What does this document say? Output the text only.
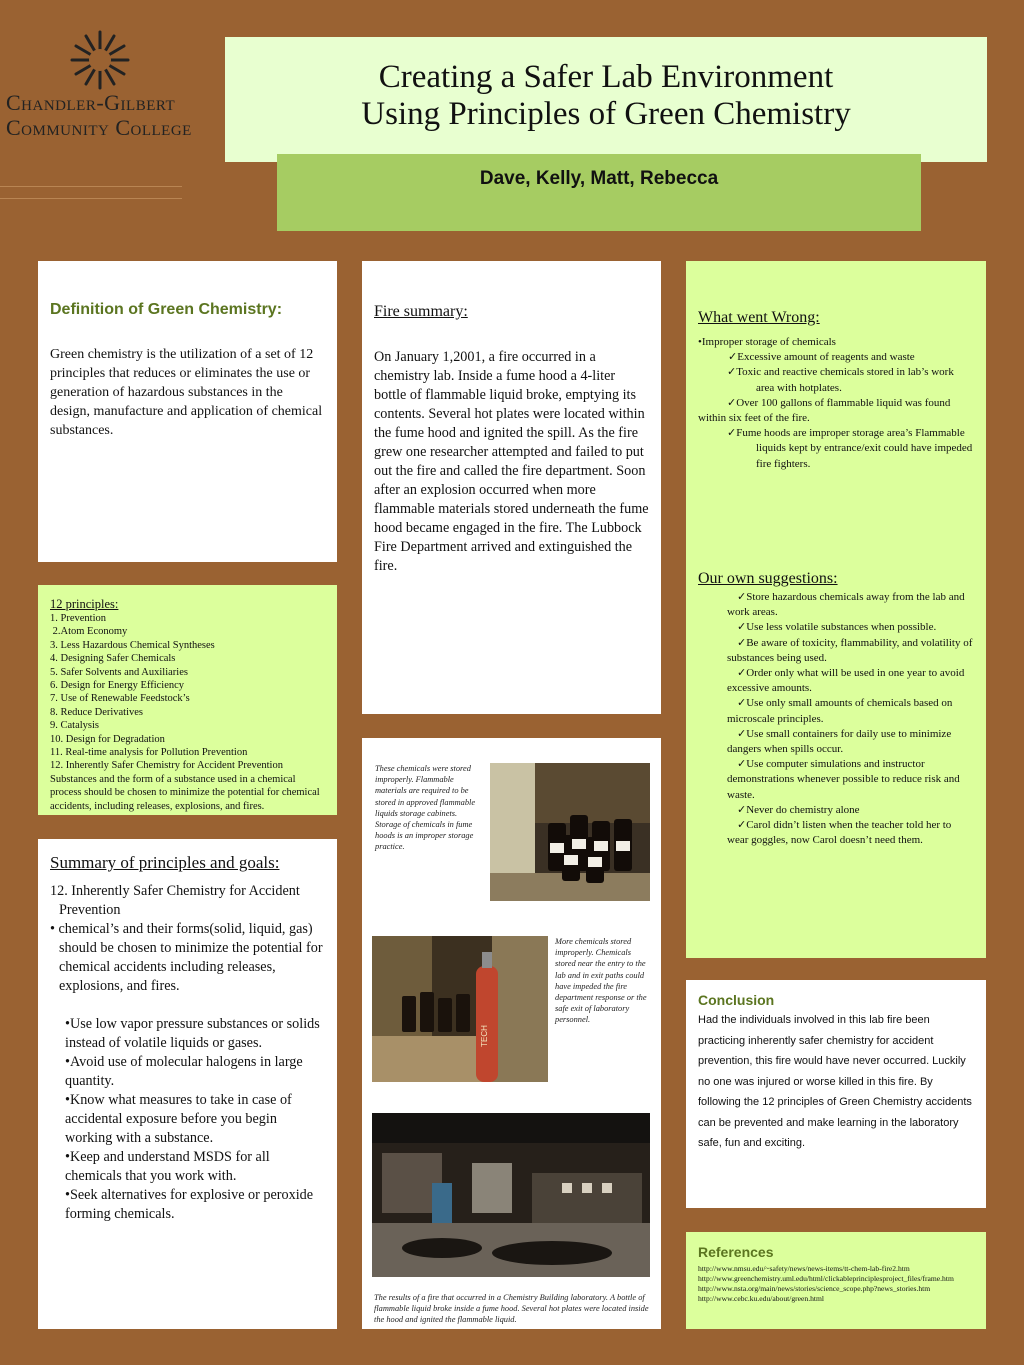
Chandler-Gilbert
Community College
Creating a Safer Lab Environment
Using Principles of Green Chemistry
Dave, Kelly, Matt, Rebecca
Definition of Green Chemistry:
Green chemistry is the utilization of a set of 12 principles that reduces or eliminates the use or generation of hazardous substances in the design, manufacture and application of chemical substances.
12 principles:
1. Prevention
2.Atom Economy
3. Less Hazardous Chemical Syntheses
4. Designing Safer Chemicals
5. Safer Solvents and Auxiliaries
6. Design for Energy Efficiency
7. Use of Renewable Feedstock’s
8. Reduce Derivatives
9. Catalysis
10. Design for Degradation
11. Real-time analysis for Pollution Prevention
12. Inherently Safer Chemistry for Accident Prevention Substances and the form of a substance used in a chemical process should be chosen to minimize the potential for chemical accidents, including releases, explosions, and fires.
Summary of principles and goals:
12. Inherently Safer Chemistry for Accident Prevention
• chemical’s and their forms(solid, liquid, gas) should be chosen to minimize the potential for chemical accidents including releases, explosions, and fires.
•Use low vapor pressure substances or solids instead of volatile liquids or gases.
•Avoid use of molecular halogens in large quantity.
•Know what measures to take in case of accidental exposure before you begin working with a substance.
•Keep and understand MSDS for all chemicals that you work with.
•Seek alternatives for explosive or peroxide forming chemicals.
Fire summary:
On January 1,2001, a fire occurred in a chemistry lab. Inside a fume hood a 4-liter bottle of flammable liquid broke, emptying its contents. Several hot plates were located within the fume hood and ignited the spill. As the fire grew one researcher attempted and failed to put out the fire and called the fire department. Soon after an explosion occurred when more flammable materials stored underneath the fume hood became engaged in the fire. The Lubbock Fire Department arrived and extinguished the fire.
These chemicals were stored improperly. Flammable materials are required to be stored in approved flammable liquids storage cabinets. Storage of chemicals in fume hoods is an improper storage practice.
TECH
More chemicals stored improperly. Chemicals stored near the entry to the lab and in exit paths could have impeded the fire department response or the safe exit of laboratory personnel.
The results of a fire that occurred in a Chemistry Building laboratory. A bottle of flammable liquid broke inside a fume hood. Several hot plates were located inside the hood and ignited the flammable liquid.
What went Wrong:
•Improper storage of chemicals
✓Excessive amount of reagents and waste
✓Toxic and reactive chemicals stored in lab’s work area with hotplates.
✓Over 100 gallons of flammable liquid was found within six feet of the fire.
✓Fume hoods are improper storage area’s Flammable liquids kept by entrance/exit could have impeded fire fighters.
Our own suggestions:
✓Store hazardous chemicals away from the lab and work areas.
✓Use less volatile substances when possible.
✓Be aware of toxicity, flammability, and volatility of substances being used.
✓Order only what will be used in one year to avoid excessive amounts.
✓Use only small amounts of chemicals based on microscale principles.
✓Use small containers for daily use to minimize dangers when spills occur.
✓Use computer simulations and instructor demonstrations whenever possible to reduce risk and waste.
✓Never do chemistry alone
✓Carol didn’t listen when the teacher told her to wear goggles, now Carol doesn’t need them.
Conclusion
Had the individuals involved in this lab fire been practicing inherently safer chemistry for accident prevention, this fire would have never occurred. Luckily no one was injured or worse killed in this fire. By following the 12 principles of Green Chemistry accidents can be prevented and make learning in the laboratory safe, fun and exciting.
References
http://www.nmsu.edu/~safety/news/news-items/tt-chem-lab-fire2.htm
http://www.greenchemistry.uml.edu/html/clickableprinciplesproject_files/frame.htm
http://www.nsta.org/main/news/stories/science_scope.php?news_stories.htm
http://www.cebc.ku.edu/about/green.html
